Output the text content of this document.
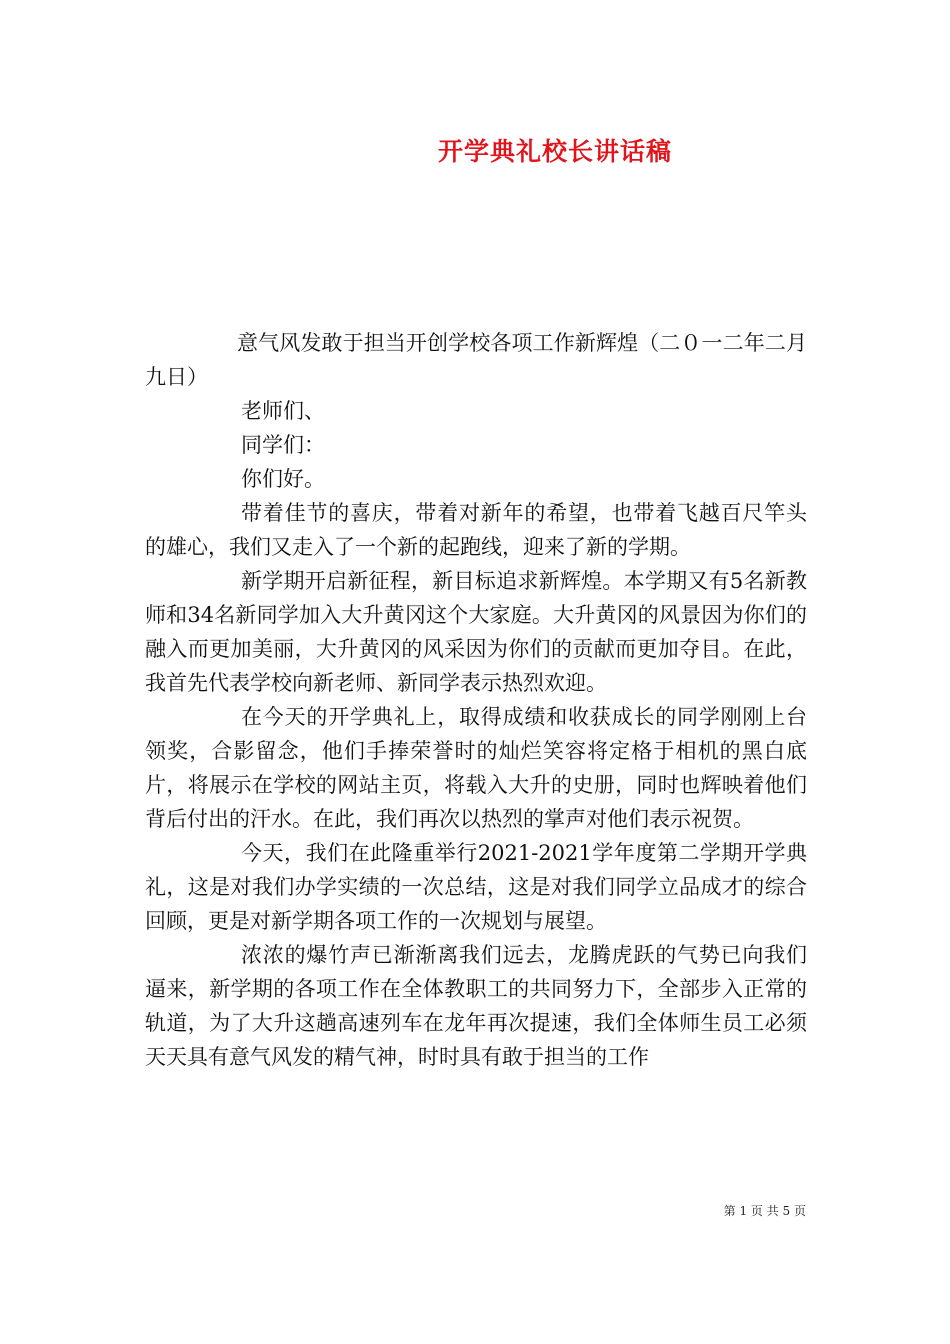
开学典礼校长讲话稿

意气风发敢于担当开创学校各项工作新辉煌（二０一二年二月九日）

老师们、

同学们：

你们好。

带着佳节的喜庆，带着对新年的希望，也带着飞越百尺竿头的雄心，我们又走入了一个新的起跑线，迎来了新的学期。

新学期开启新征程，新目标追求新辉煌。本学期又有5名新教师和34名新同学加入大升黄冈这个大家庭。大升黄冈的风景因为你们的融入而更加美丽，大升黄冈的风采因为你们的贡献而更加夺目。在此，我首先代表学校向新老师、新同学表示热烈欢迎。

在今天的开学典礼上，取得成绩和收获成长的同学刚刚上台领奖，合影留念，他们手捧荣誉时的灿烂笑容将定格于相机的黑白底片，将展示在学校的网站主页，将载入大升的史册，同时也辉映着他们背后付出的汗水。在此，我们再次以热烈的掌声对他们表示祝贺。

今天，我们在此隆重举行2021-2021学年度第二学期开学典礼，这是对我们办学实绩的一次总结，这是对我们同学立品成才的综合回顾，更是对新学期各项工作的一次规划与展望。

浓浓的爆竹声已渐渐离我们远去，龙腾虎跃的气势已向我们逼来，新学期的各项工作在全体教职工的共同努力下，全部步入正常的轨道，为了大升这趟高速列车在龙年再次提速，我们全体师生员工必须天天具有意气风发的精气神，时时具有敢于担当的工作

第 1 页 共 5 页
